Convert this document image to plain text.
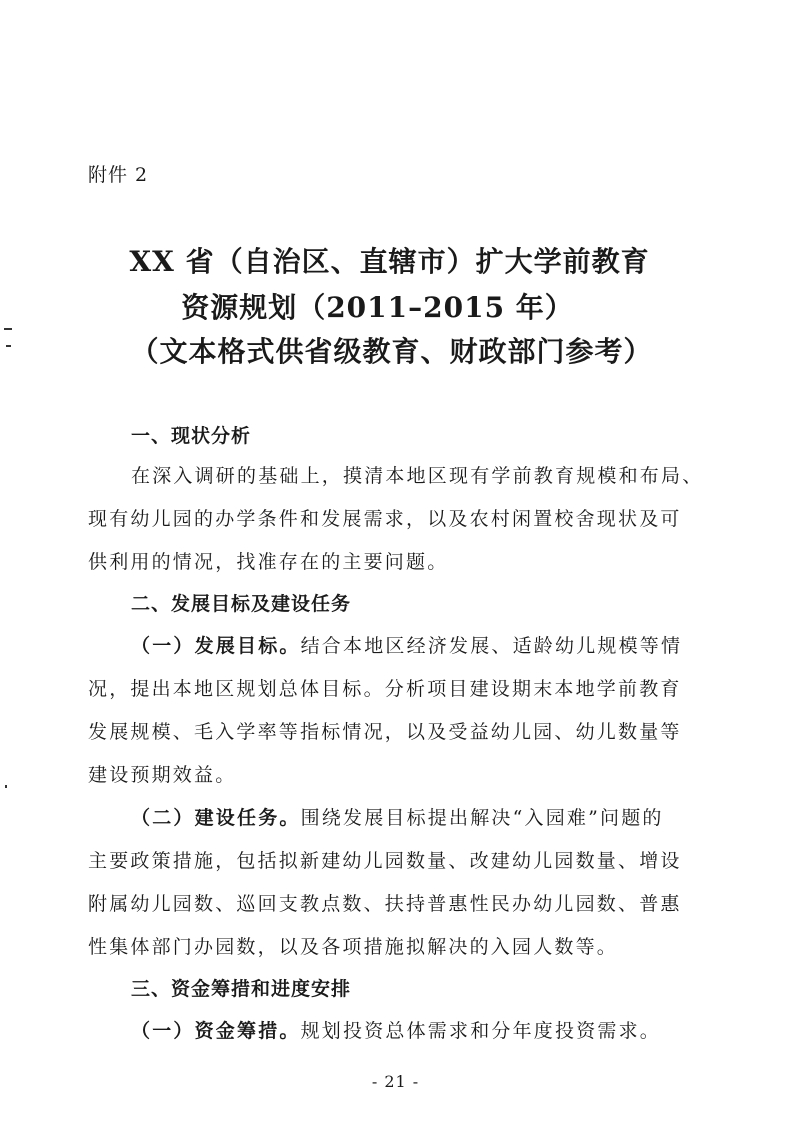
附件 2
XX 省（自治区、直辖市）扩大学前教育
资源规划（2011–2015 年）
（文本格式供省级教育、财政部门参考）
一、现状分析
在深入调研的基础上，摸清本地区现有学前教育规模和布局、
现有幼儿园的办学条件和发展需求，以及农村闲置校舍现状及可
供利用的情况，找准存在的主要问题。
二、发展目标及建设任务
（一）发展目标。结合本地区经济发展、适龄幼儿规模等情
况，提出本地区规划总体目标。分析项目建设期末本地学前教育
发展规模、毛入学率等指标情况，以及受益幼儿园、幼儿数量等
建设预期效益。
（二）建设任务。围绕发展目标提出解决“入园难”问题的
主要政策措施，包括拟新建幼儿园数量、改建幼儿园数量、增设
附属幼儿园数、巡回支教点数、扶持普惠性民办幼儿园数、普惠
性集体部门办园数，以及各项措施拟解决的入园人数等。
三、资金筹措和进度安排
（一）资金筹措。规划投资总体需求和分年度投资需求。
- 21 -
